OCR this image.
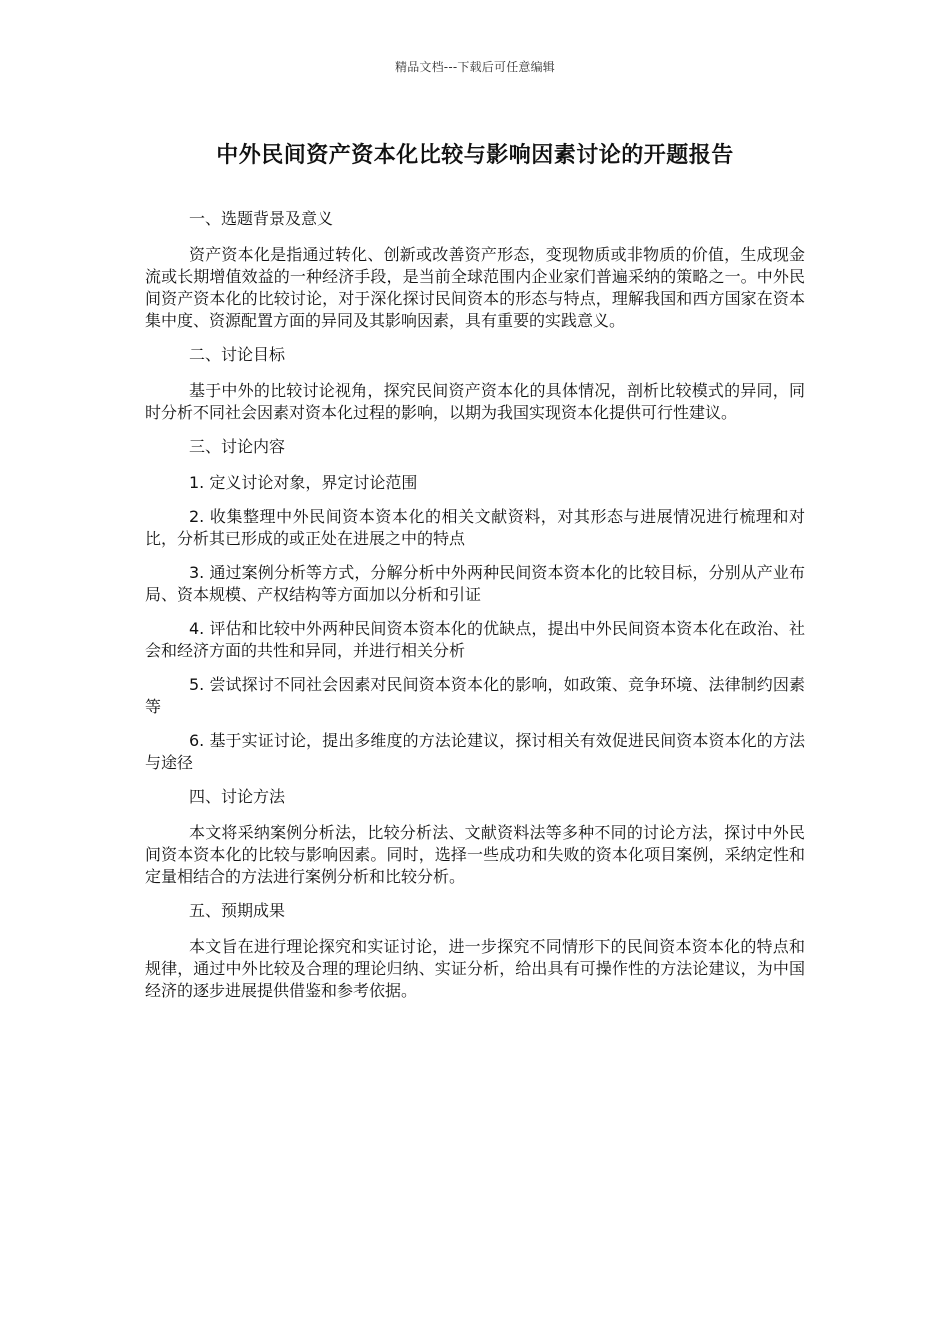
精品文档---下载后可任意编辑
中外民间资产资本化比较与影响因素讨论的开题报告

一、选题背景及意义

资产资本化是指通过转化、创新或改善资产形态，变现物质或非物质的价值，生成现金流或长期增值效益的一种经济手段，是当前全球范围内企业家们普遍采纳的策略之一。中外民间资产资本化的比较讨论，对于深化探讨民间资本的形态与特点，理解我国和西方国家在资本集中度、资源配置方面的异同及其影响因素，具有重要的实践意义。

二、讨论目标

基于中外的比较讨论视角，探究民间资产资本化的具体情况，剖析比较模式的异同，同时分析不同社会因素对资本化过程的影响，以期为我国实现资本化提供可行性建议。

三、讨论内容

1. 定义讨论对象，界定讨论范围

2. 收集整理中外民间资本资本化的相关文献资料，对其形态与进展情况进行梳理和对比，分析其已形成的或正处在进展之中的特点

3. 通过案例分析等方式，分解分析中外两种民间资本资本化的比较目标，分别从产业布局、资本规模、产权结构等方面加以分析和引证

4. 评估和比较中外两种民间资本资本化的优缺点，提出中外民间资本资本化在政治、社会和经济方面的共性和异同，并进行相关分析

5. 尝试探讨不同社会因素对民间资本资本化的影响，如政策、竞争环境、法律制约因素等

6. 基于实证讨论，提出多维度的方法论建议，探讨相关有效促进民间资本资本化的方法与途径

四、讨论方法

本文将采纳案例分析法，比较分析法、文献资料法等多种不同的讨论方法，探讨中外民间资本资本化的比较与影响因素。同时，选择一些成功和失败的资本化项目案例，采纳定性和定量相结合的方法进行案例分析和比较分析。

五、预期成果

本文旨在进行理论探究和实证讨论，进一步探究不同情形下的民间资本资本化的特点和规律，通过中外比较及合理的理论归纳、实证分析，给出具有可操作性的方法论建议，为中国经济的逐步进展提供借鉴和参考依据。
